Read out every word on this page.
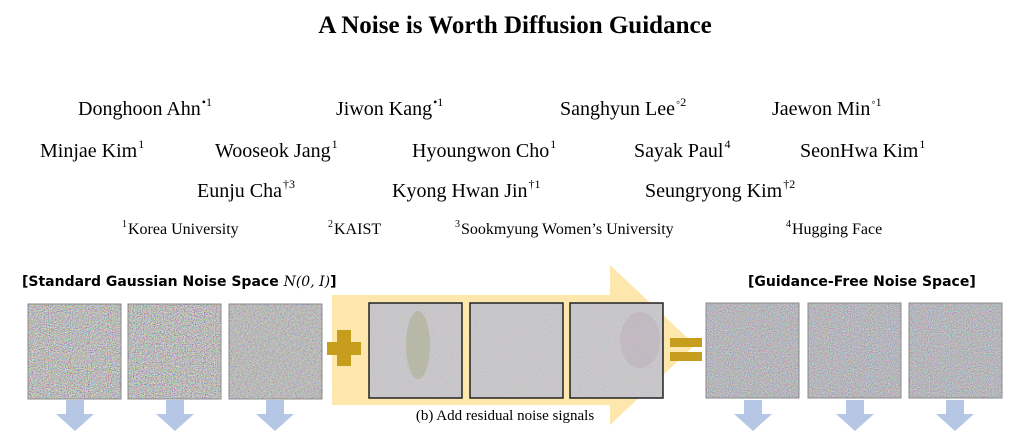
A Noise is Worth Diffusion Guidance
Donghoon Ahn$^{•1}$	Jiwon Kang$^{•1}$	Sanghyun Lee$^{◦2}$	Jaewon Min$^{◦1}$
Minjae Kim$^1$	Wooseok Jang$^1$	Hyoungwon Cho$^1$	Sayak Paul$^4$	SeonHwa Kim$^1$
Eunju Cha$^{\dagger 3}$	Kyong Hwan Jin$^{\dagger 1}$	Seungryong Kim$^{\dagger 2}$
$^1$Korea University	$^2$KAIST	$^3$Sookmyung Women’s University	$^4$Hugging Face
[Standard Gaussian Noise Space N(0, I)]	[Guidance-Free Noise Space]
(b) Add residual noise signals
